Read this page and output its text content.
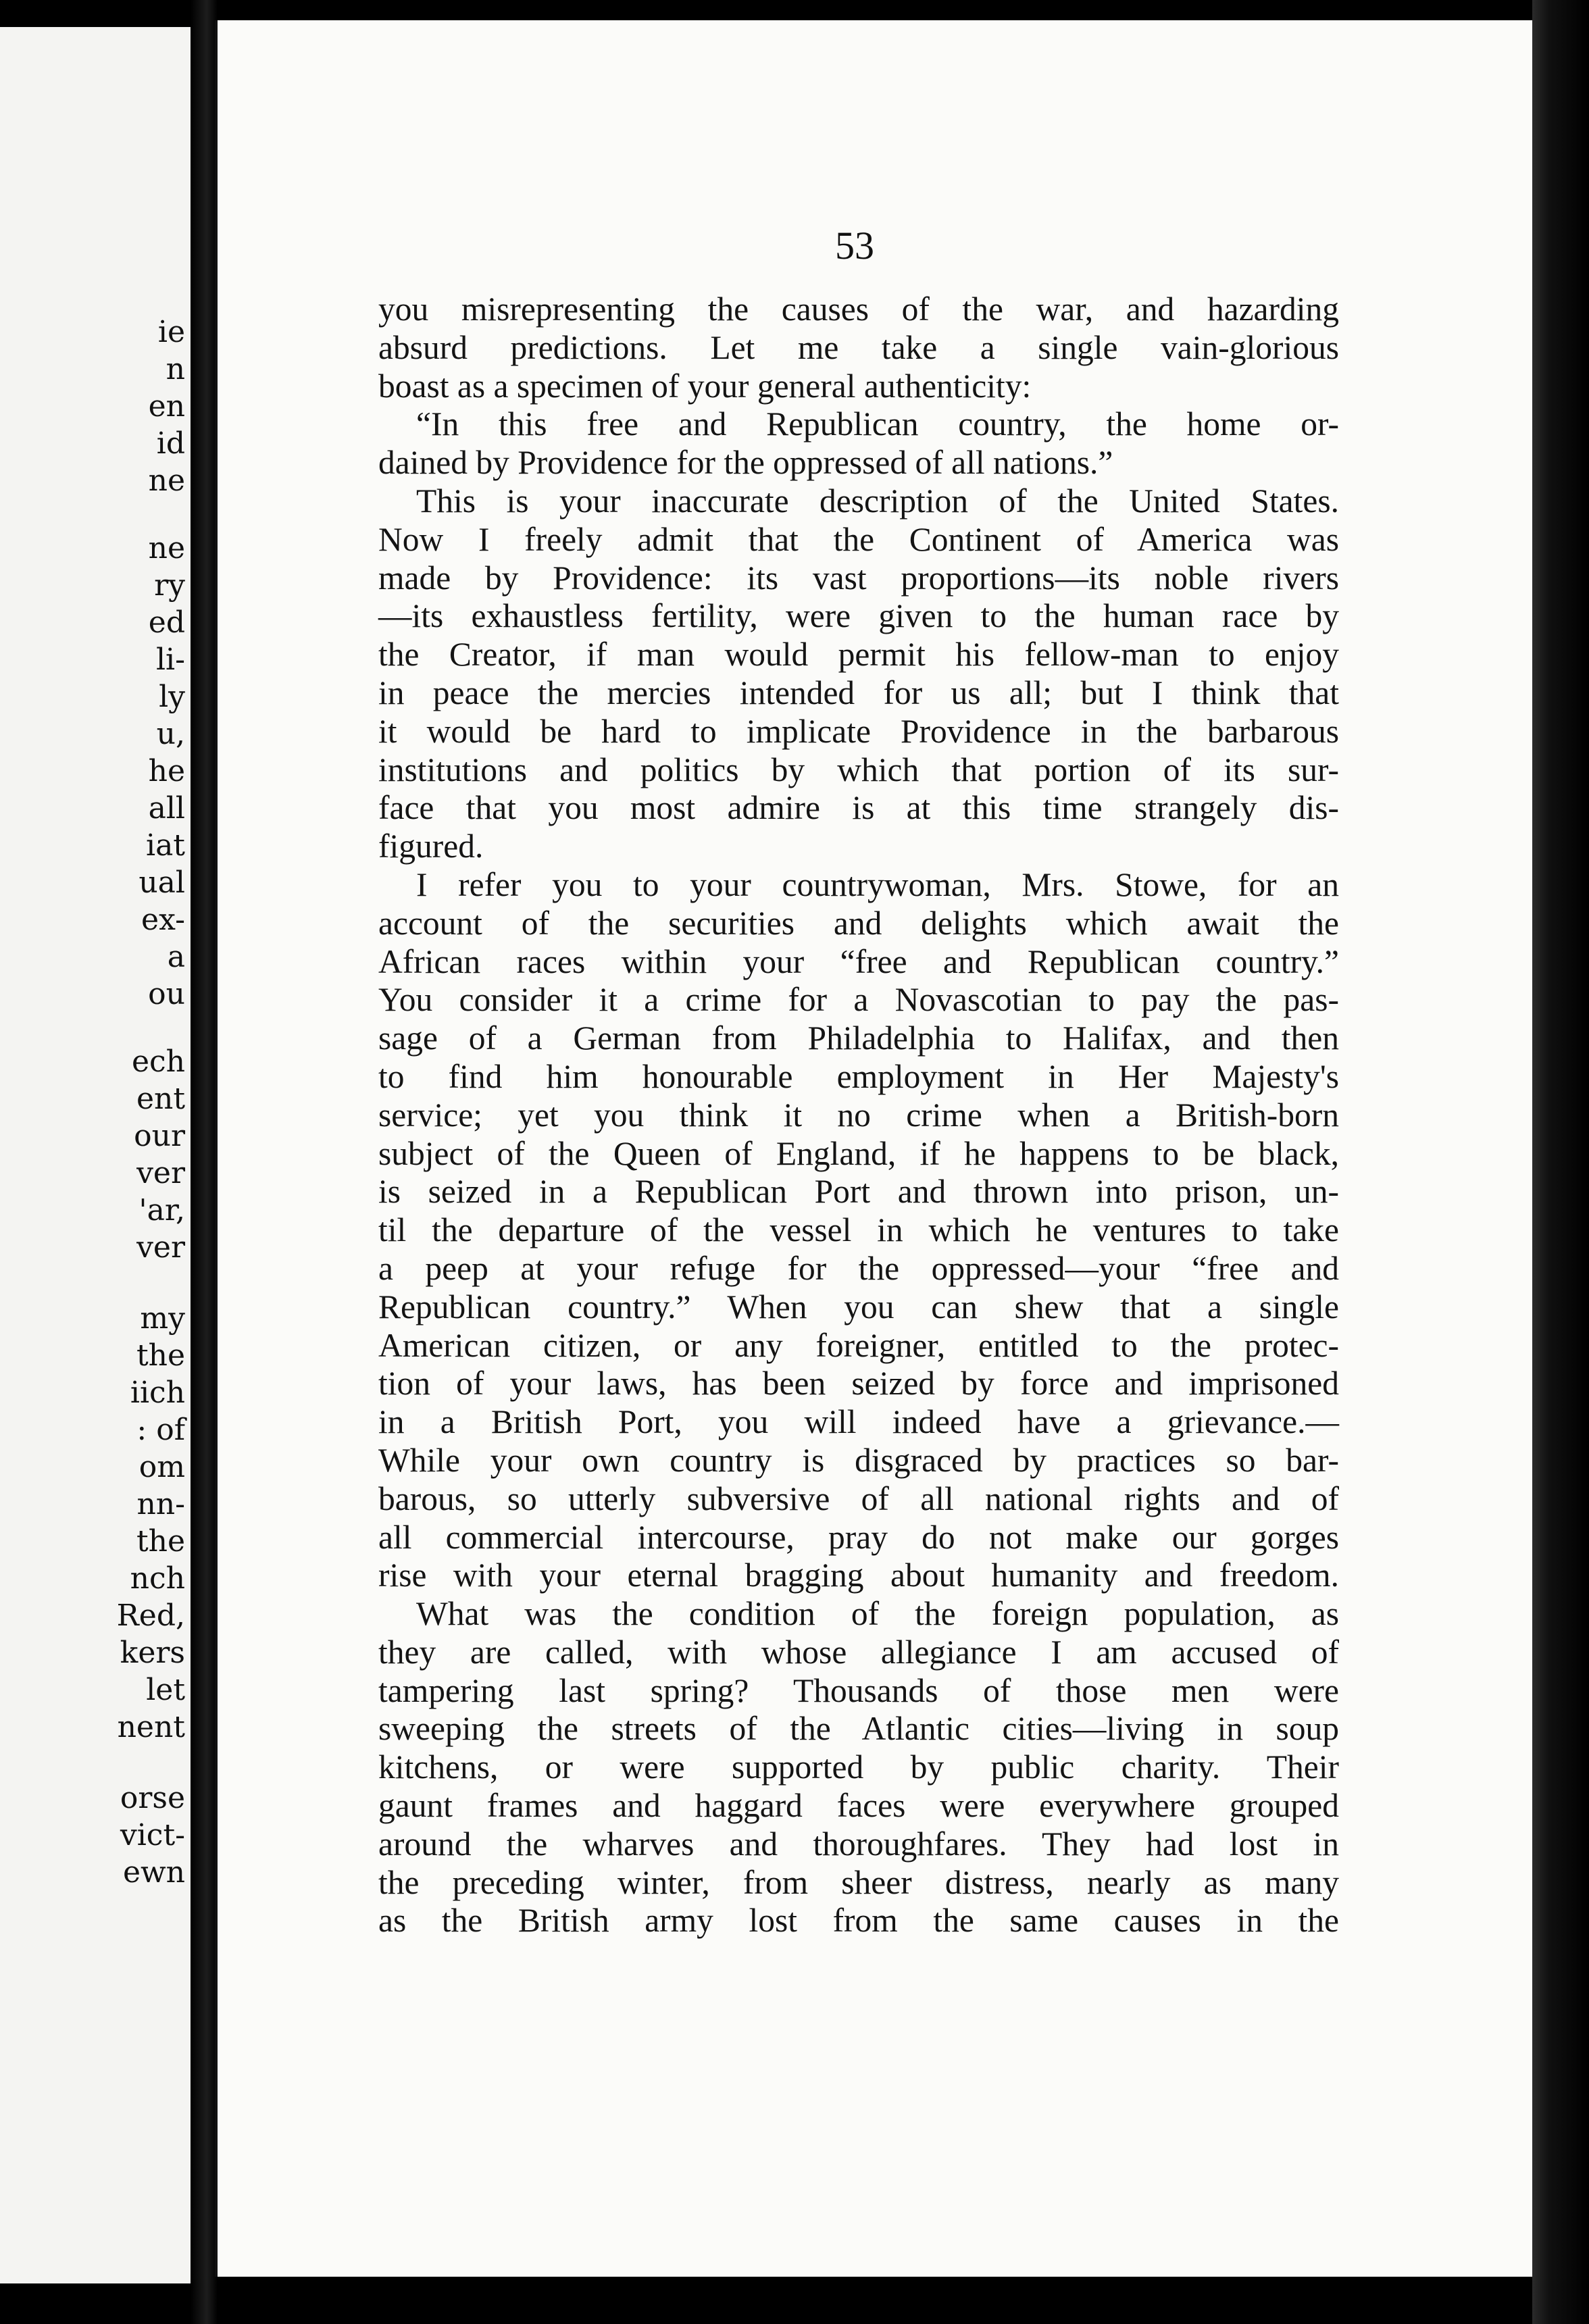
ie
n
en
id
ne
ne
ry
ed
li-
ly
u,
he
all
iat
ual
ex-
a
ou
ech
ent
our
ver
'ar,
ver
my
the
iich
: of
om
nn-
the
nch
Red,
kers
let
nent
orse
vict-
ewn
53
you misrepresenting the causes of the war, and hazarding
absurd predictions. Let me take a single vain-glorious
boast as a specimen of your general authenticity:
“In this free and Republican country, the home or-
dained by Providence for the oppressed of all nations.”
This is your inaccurate description of the United States.
Now I freely admit that the Continent of America was
made by Providence: its vast proportions—its noble rivers
—its exhaustless fertility, were given to the human race by
the Creator, if man would permit his fellow-man to enjoy
in peace the mercies intended for us all; but I think that
it would be hard to implicate Providence in the barbarous
institutions and politics by which that portion of its sur-
face that you most admire is at this time strangely dis-
figured.
I refer you to your countrywoman, Mrs. Stowe, for an
account of the securities and delights which await the
African races within your “free and Republican country.”
You consider it a crime for a Novascotian to pay the pas-
sage of a German from Philadelphia to Halifax, and then
to find him honourable employment in Her Majesty's
service; yet you think it no crime when a British-born
subject of the Queen of England, if he happens to be black,
is seized in a Republican Port and thrown into prison, un-
til the departure of the vessel in which he ventures to take
a peep at your refuge for the oppressed—your “free and
Republican country.” When you can shew that a single
American citizen, or any foreigner, entitled to the protec-
tion of your laws, has been seized by force and imprisoned
in a British Port, you will indeed have a grievance.—
While your own country is disgraced by practices so bar-
barous, so utterly subversive of all national rights and of
all commercial intercourse, pray do not make our gorges
rise with your eternal bragging about humanity and freedom.
What was the condition of the foreign population, as
they are called, with whose allegiance I am accused of
tampering last spring? Thousands of those men were
sweeping the streets of the Atlantic cities—living in soup
kitchens, or were supported by public charity. Their
gaunt frames and haggard faces were everywhere grouped
around the wharves and thoroughfares. They had lost in
the preceding winter, from sheer distress, nearly as many
as the British army lost from the same causes in the
